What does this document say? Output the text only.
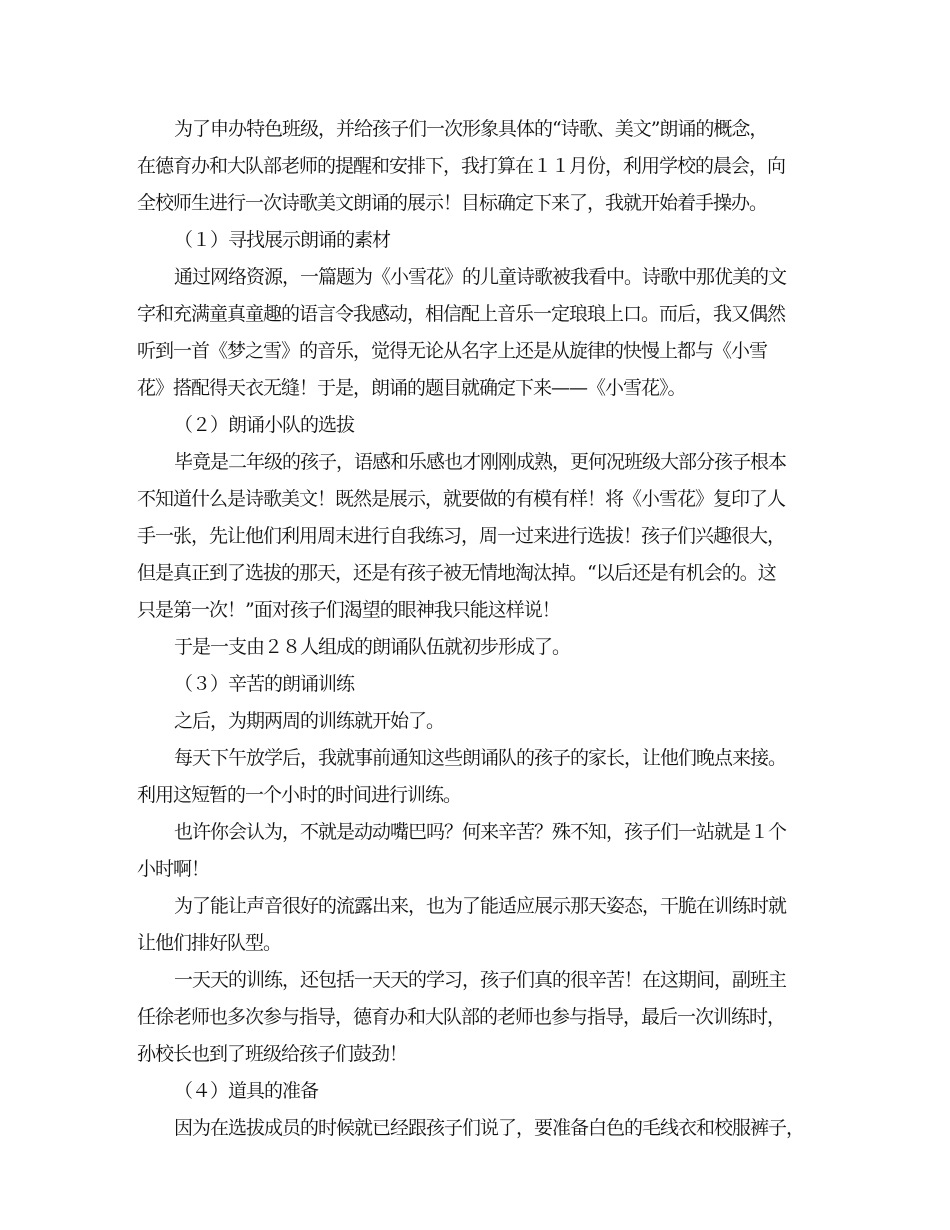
为了申办特色班级，并给孩子们一次形象具体的“诗歌、美文”朗诵的概念，
在德育办和大队部老师的提醒和安排下，我打算在１１月份，利用学校的晨会，向
全校师生进行一次诗歌美文朗诵的展示！目标确定下来了，我就开始着手操办。
（１）寻找展示朗诵的素材
通过网络资源，一篇题为《小雪花》的儿童诗歌被我看中。诗歌中那优美的文
字和充满童真童趣的语言令我感动，相信配上音乐一定琅琅上口。而后，我又偶然
听到一首《梦之雪》的音乐，觉得无论从名字上还是从旋律的快慢上都与《小雪
花》搭配得天衣无缝！于是，朗诵的题目就确定下来——《小雪花》。
（２）朗诵小队的选拔
毕竟是二年级的孩子，语感和乐感也才刚刚成熟，更何况班级大部分孩子根本
不知道什么是诗歌美文！既然是展示，就要做的有模有样！将《小雪花》复印了人
手一张，先让他们利用周末进行自我练习，周一过来进行选拔！孩子们兴趣很大，
但是真正到了选拔的那天，还是有孩子被无情地淘汰掉。“以后还是有机会的。这
只是第一次！”面对孩子们渴望的眼神我只能这样说！
于是一支由２８人组成的朗诵队伍就初步形成了。
（３）辛苦的朗诵训练
之后，为期两周的训练就开始了。
每天下午放学后，我就事前通知这些朗诵队的孩子的家长，让他们晚点来接。
利用这短暂的一个小时的时间进行训练。
也许你会认为，不就是动动嘴巴吗？何来辛苦？殊不知，孩子们一站就是１个
小时啊！
为了能让声音很好的流露出来，也为了能适应展示那天姿态，干脆在训练时就
让他们排好队型。
一天天的训练，还包括一天天的学习，孩子们真的很辛苦！在这期间，副班主
任徐老师也多次参与指导，德育办和大队部的老师也参与指导，最后一次训练时，
孙校长也到了班级给孩子们鼓劲！
（４）道具的准备
因为在选拔成员的时候就已经跟孩子们说了，要准备白色的毛线衣和校服裤子，
